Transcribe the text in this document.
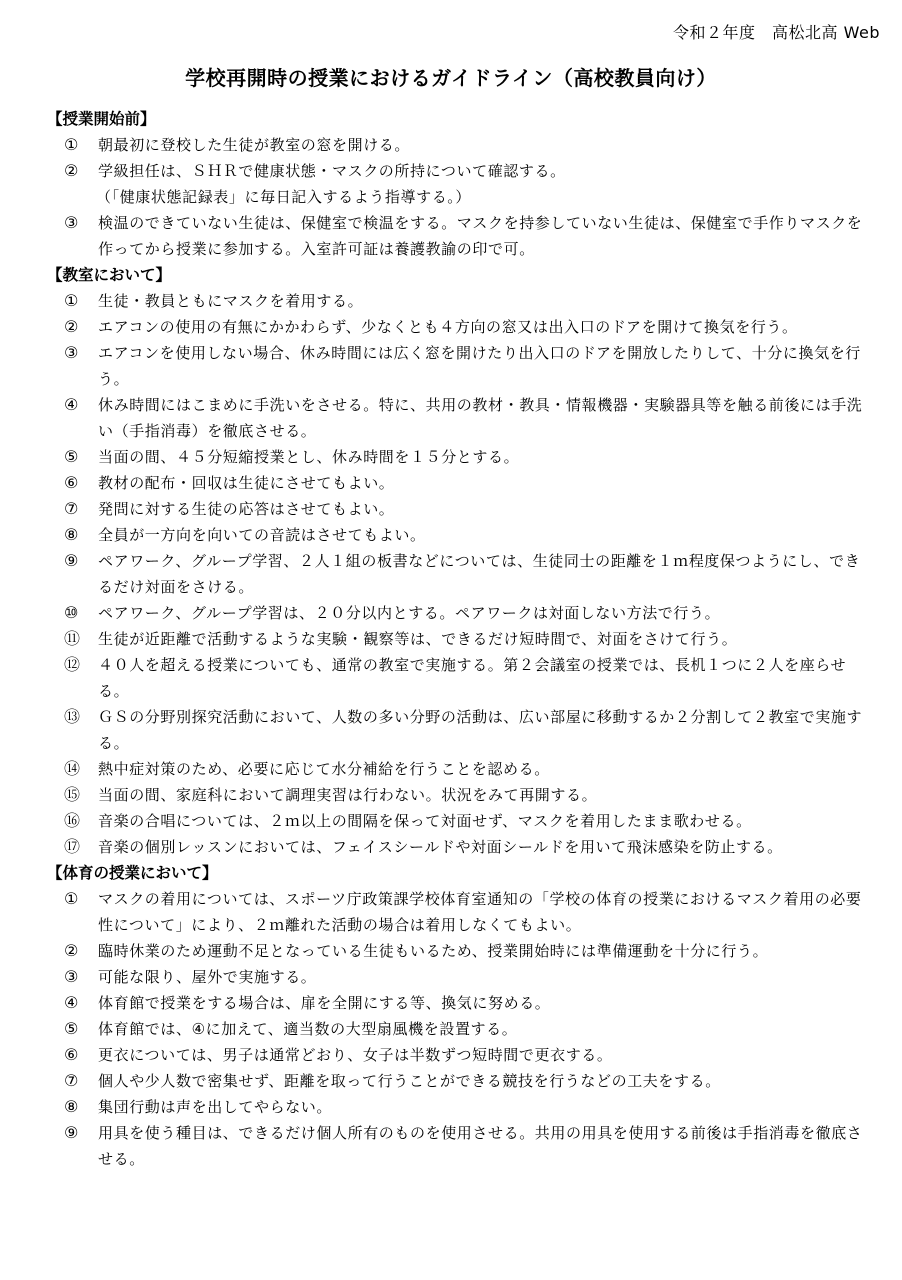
令和２年度　高松北高 Web
学校再開時の授業におけるガイドライン（高校教員向け）
【授業開始前】
①	朝最初に登校した生徒が教室の窓を開ける。
②	学級担任は、ＳＨＲで健康状態・マスクの所持について確認する。
（「健康状態記録表」に毎日記入するよう指導する。）
③	検温のできていない生徒は、保健室で検温をする。マスクを持参していない生徒は、保健室で手作りマスクを作ってから授業に参加する。入室許可証は養護教諭の印で可。
【教室において】
①	生徒・教員ともにマスクを着用する。
②	エアコンの使用の有無にかかわらず、少なくとも４方向の窓又は出入口のドアを開けて換気を行う。
③	エアコンを使用しない場合、休み時間には広く窓を開けたり出入口のドアを開放したりして、十分に換気を行う。
④	休み時間にはこまめに手洗いをさせる。特に、共用の教材・教具・情報機器・実験器具等を触る前後には手洗い（手指消毒）を徹底させる。
⑤	当面の間、４５分短縮授業とし、休み時間を１５分とする。
⑥	教材の配布・回収は生徒にさせてもよい。
⑦	発問に対する生徒の応答はさせてもよい。
⑧	全員が一方向を向いての音読はさせてもよい。
⑨	ペアワーク、グループ学習、２人１組の板書などについては、生徒同士の距離を１ｍ程度保つようにし、できるだけ対面をさける。
⑩	ペアワーク、グループ学習は、２０分以内とする。ペアワークは対面しない方法で行う。
⑪	生徒が近距離で活動するような実験・観察等は、できるだけ短時間で、対面をさけて行う。
⑫	４０人を超える授業についても、通常の教室で実施する。第２会議室の授業では、長机１つに２人を座らせる。
⑬	ＧＳの分野別探究活動において、人数の多い分野の活動は、広い部屋に移動するか２分割して２教室で実施する。
⑭	熱中症対策のため、必要に応じて水分補給を行うことを認める。
⑮	当面の間、家庭科において調理実習は行わない。状況をみて再開する。
⑯	音楽の合唱については、２ｍ以上の間隔を保って対面せず、マスクを着用したまま歌わせる。
⑰	音楽の個別レッスンにおいては、フェイスシールドや対面シールドを用いて飛沫感染を防止する。
【体育の授業において】
①	マスクの着用については、スポーツ庁政策課学校体育室通知の「学校の体育の授業におけるマスク着用の必要性について」により、２ｍ離れた活動の場合は着用しなくてもよい。
②	臨時休業のため運動不足となっている生徒もいるため、授業開始時には準備運動を十分に行う。
③	可能な限り、屋外で実施する。
④	体育館で授業をする場合は、扉を全開にする等、換気に努める。
⑤	体育館では、④に加えて、適当数の大型扇風機を設置する。
⑥	更衣については、男子は通常どおり、女子は半数ずつ短時間で更衣する。
⑦	個人や少人数で密集せず、距離を取って行うことができる競技を行うなどの工夫をする。
⑧	集団行動は声を出してやらない。
⑨	用具を使う種目は、できるだけ個人所有のものを使用させる。共用の用具を使用する前後は手指消毒を徹底させる。
